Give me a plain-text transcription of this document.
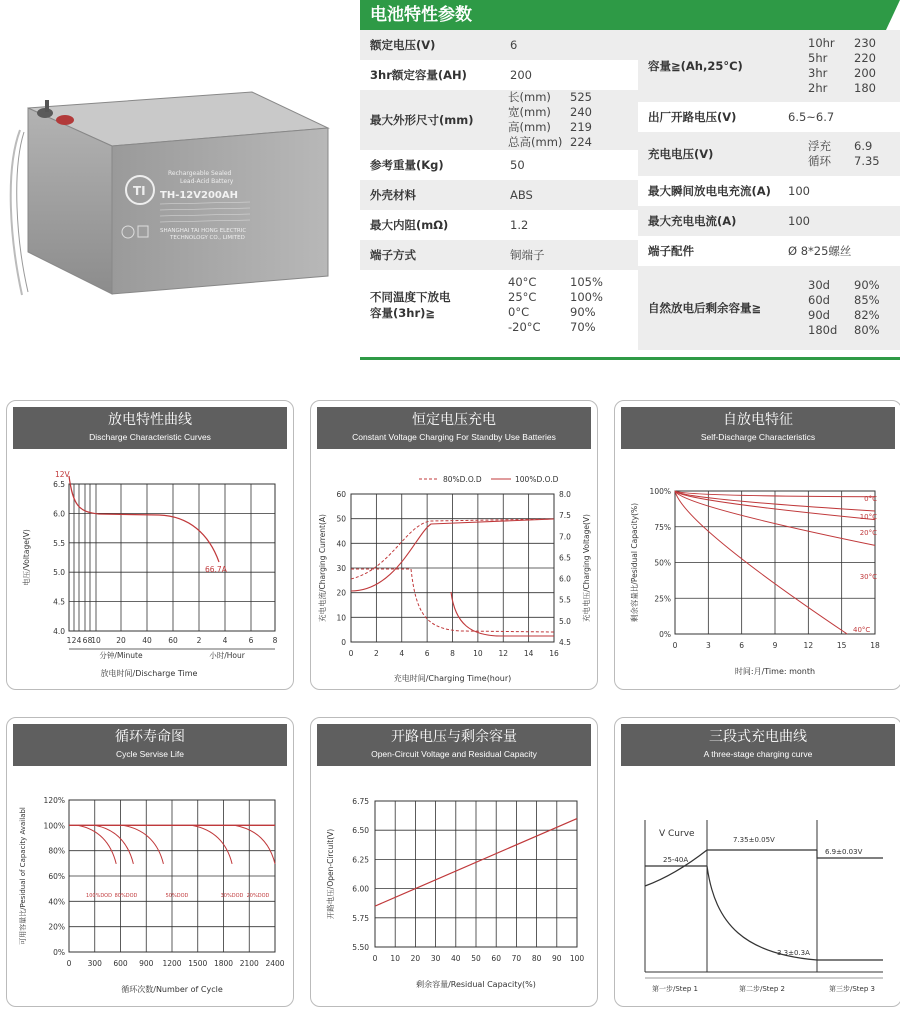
TI
Rechargeable Sealed
Lead-Acid Battery
TH-12V200AH
SHANGHAI TAI HONG ELECTRIC
TECHNOLOGY CO., LIMITED
电池特性参数
额定电压(V)	6
3hr额定容量(AH)	200
最大外形尺寸(mm)
长(mm) 525
宽(mm) 240
高(mm) 219
总高(mm) 224
参考重量(Kg)	50
外壳材料	ABS
最大内阻(mΩ)	1.2
端子方式	铜端子
不同温度下放电
容量(3hr)≧
40°C	105%
25°C	100%
0°C	90%
-20°C	70%
容量≧(Ah,25°C)
10hr 230
5hr 220
3hr 200
2hr 180
出厂开路电压(V)	6.5~6.7
充电电压(V)
浮充 6.9
循环 7.35
最大瞬间放电电充流(A) 100
最大充电电流(A)	100
端子配件	Ø 8*25螺丝
自然放电后剩余容量≧
30d 90%
60d 85%
90d 82%
180d 80%
放电特性曲线
Discharge Characteristic Curves
6.5
6.0
5.5
5.0
4.5
4.0
1 2 4 6 8
10 20 40 60	2	4	6	8
分钟/Minute	小时/Hour
放电时间/Discharge Time
电压/Voltage(V)
12V
66.7A
恒定电压充电
Constant Voltage Charging For Standby Use Batteries
60
50
40
30
20
10
0
8.0
7.5
7.0
6.5
6.0
5.5
5.0
4.5
0	2	4	6	8 10 12 14 16
充电电流/Charging Current(A)	充电电压/Charging Voltage(V)
充电时间/Charging Time(hour)
80%D.O.D	100%D.O.D
自放电特征
Self-Discharge Characteristics
100%
75%
50%
25%
0%
0	3	6	9	12	15	18
剩余容量比/Pesidual Capacity(%)
时间:月/Time: month
0°C
10°C
20°C
30°C
40°C
循环寿命图
Cycle Servise Life
120%
100%
80%
60%
40%
20%
0%
0 300 600 900 1200 1500 1800 2100 2400
可用容量比/Pesidual of Capacity Availabl
循环次数/Number of Cycle
100%DOD 80%DOD	50%DOD	30%DOD 20%DOD
开路电压与剩余容量
Open-Circuit Voltage and Residual Capacity
6.75
6.50
6.25
6.00
5.75
5.50
0 10 20 30 40 50 60 70 80 90 100
开路电压/Open-Circuit(V)
剩余容量/Residual Capacity(%)
三段式充电曲线
A three-stage charging curve
V Curve
25-40A
7.35±0.05V
6.9±0.03V
3.3±0.3A
第一步/Step 1	第二步/Step 2	第三步/Step 3
